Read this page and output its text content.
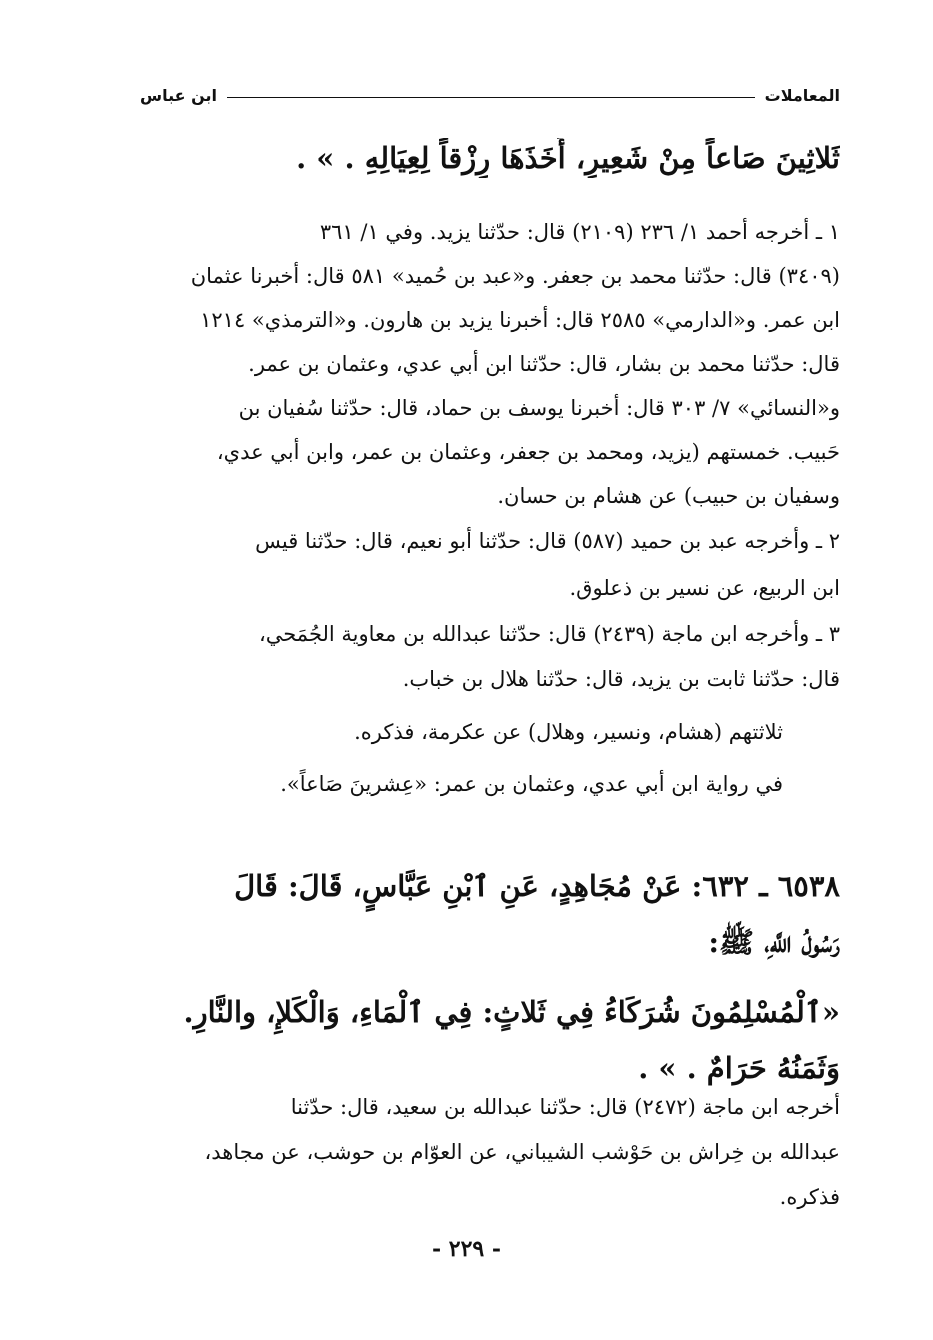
المعاملات
ابن عباس
ثَلاثِينَ صَاعاً مِنْ شَعِيرٍ، أَخَذَهَا رِزْقاً لِعِيَالِهِ . » .
١ ـ أخرجه أحمد ١/ ٢٣٦ (٢١٠٩) قال: حدّثنا يزيد. وفي ١/ ٣٦١
(٣٤٠٩) قال: حدّثنا محمد بن جعفر. و«عبد بن حُميد» ٥٨١ قال: أخبرنا عثمان
ابن عمر. و«الدارمي» ٢٥٨٥ قال: أخبرنا يزيد بن هارون. و«الترمذي» ١٢١٤
قال: حدّثنا محمد بن بشار، قال: حدّثنا ابن أبي عدي، وعثمان بن عمر.
و«النسائي» ٧/ ٣٠٣ قال: أخبرنا يوسف بن حماد، قال: حدّثنا سُفيان بن
حَبيب. خمستهم (يزيد، ومحمد بن جعفر، وعثمان بن عمر، وابن أبي عدي،
وسفيان بن حبيب) عن هشام بن حسان.
٢ ـ وأخرجه عبد بن حميد (٥٨٧) قال: حدّثنا أبو نعيم، قال: حدّثنا قيس
ابن الربيع، عن نسير بن ذعلوق.
٣ ـ وأخرجه ابن ماجة (٢٤٣٩) قال: حدّثنا عبدالله بن معاوية الجُمَحي،
قال: حدّثنا ثابت بن يزيد، قال: حدّثنا هلال بن خباب.
ثلاثتهم (هشام، ونسير، وهلال) عن عكرمة، فذكره.
في رواية ابن أبي عدي، وعثمان بن عمر: «عِشرينَ صَاعاً».
٦٥٣٨ ـ ٦٣٢: عَنْ مُجَاهِدٍ، عَنِ ٱبْنِ عَبَّاسٍ، قَالَ: قَالَ
رَسُولُ اللَّهِ، ﷺ:
«ٱلْمُسْلِمُونَ شُرَكَاءُ فِي ثَلاثٍ: فِي ٱلْمَاءِ، وَالْكَلإِ، والنَّارِ.
وَثَمَنُهُ حَرَامٌ . » .
أخرجه ابن ماجة (٢٤٧٢) قال: حدّثنا عبدالله بن سعيد، قال: حدّثنا
عبدالله بن خِراش بن حَوْشب الشيباني، عن العوّام بن حوشب، عن مجاهد،
فذكره.
- ٢٢٩ -
